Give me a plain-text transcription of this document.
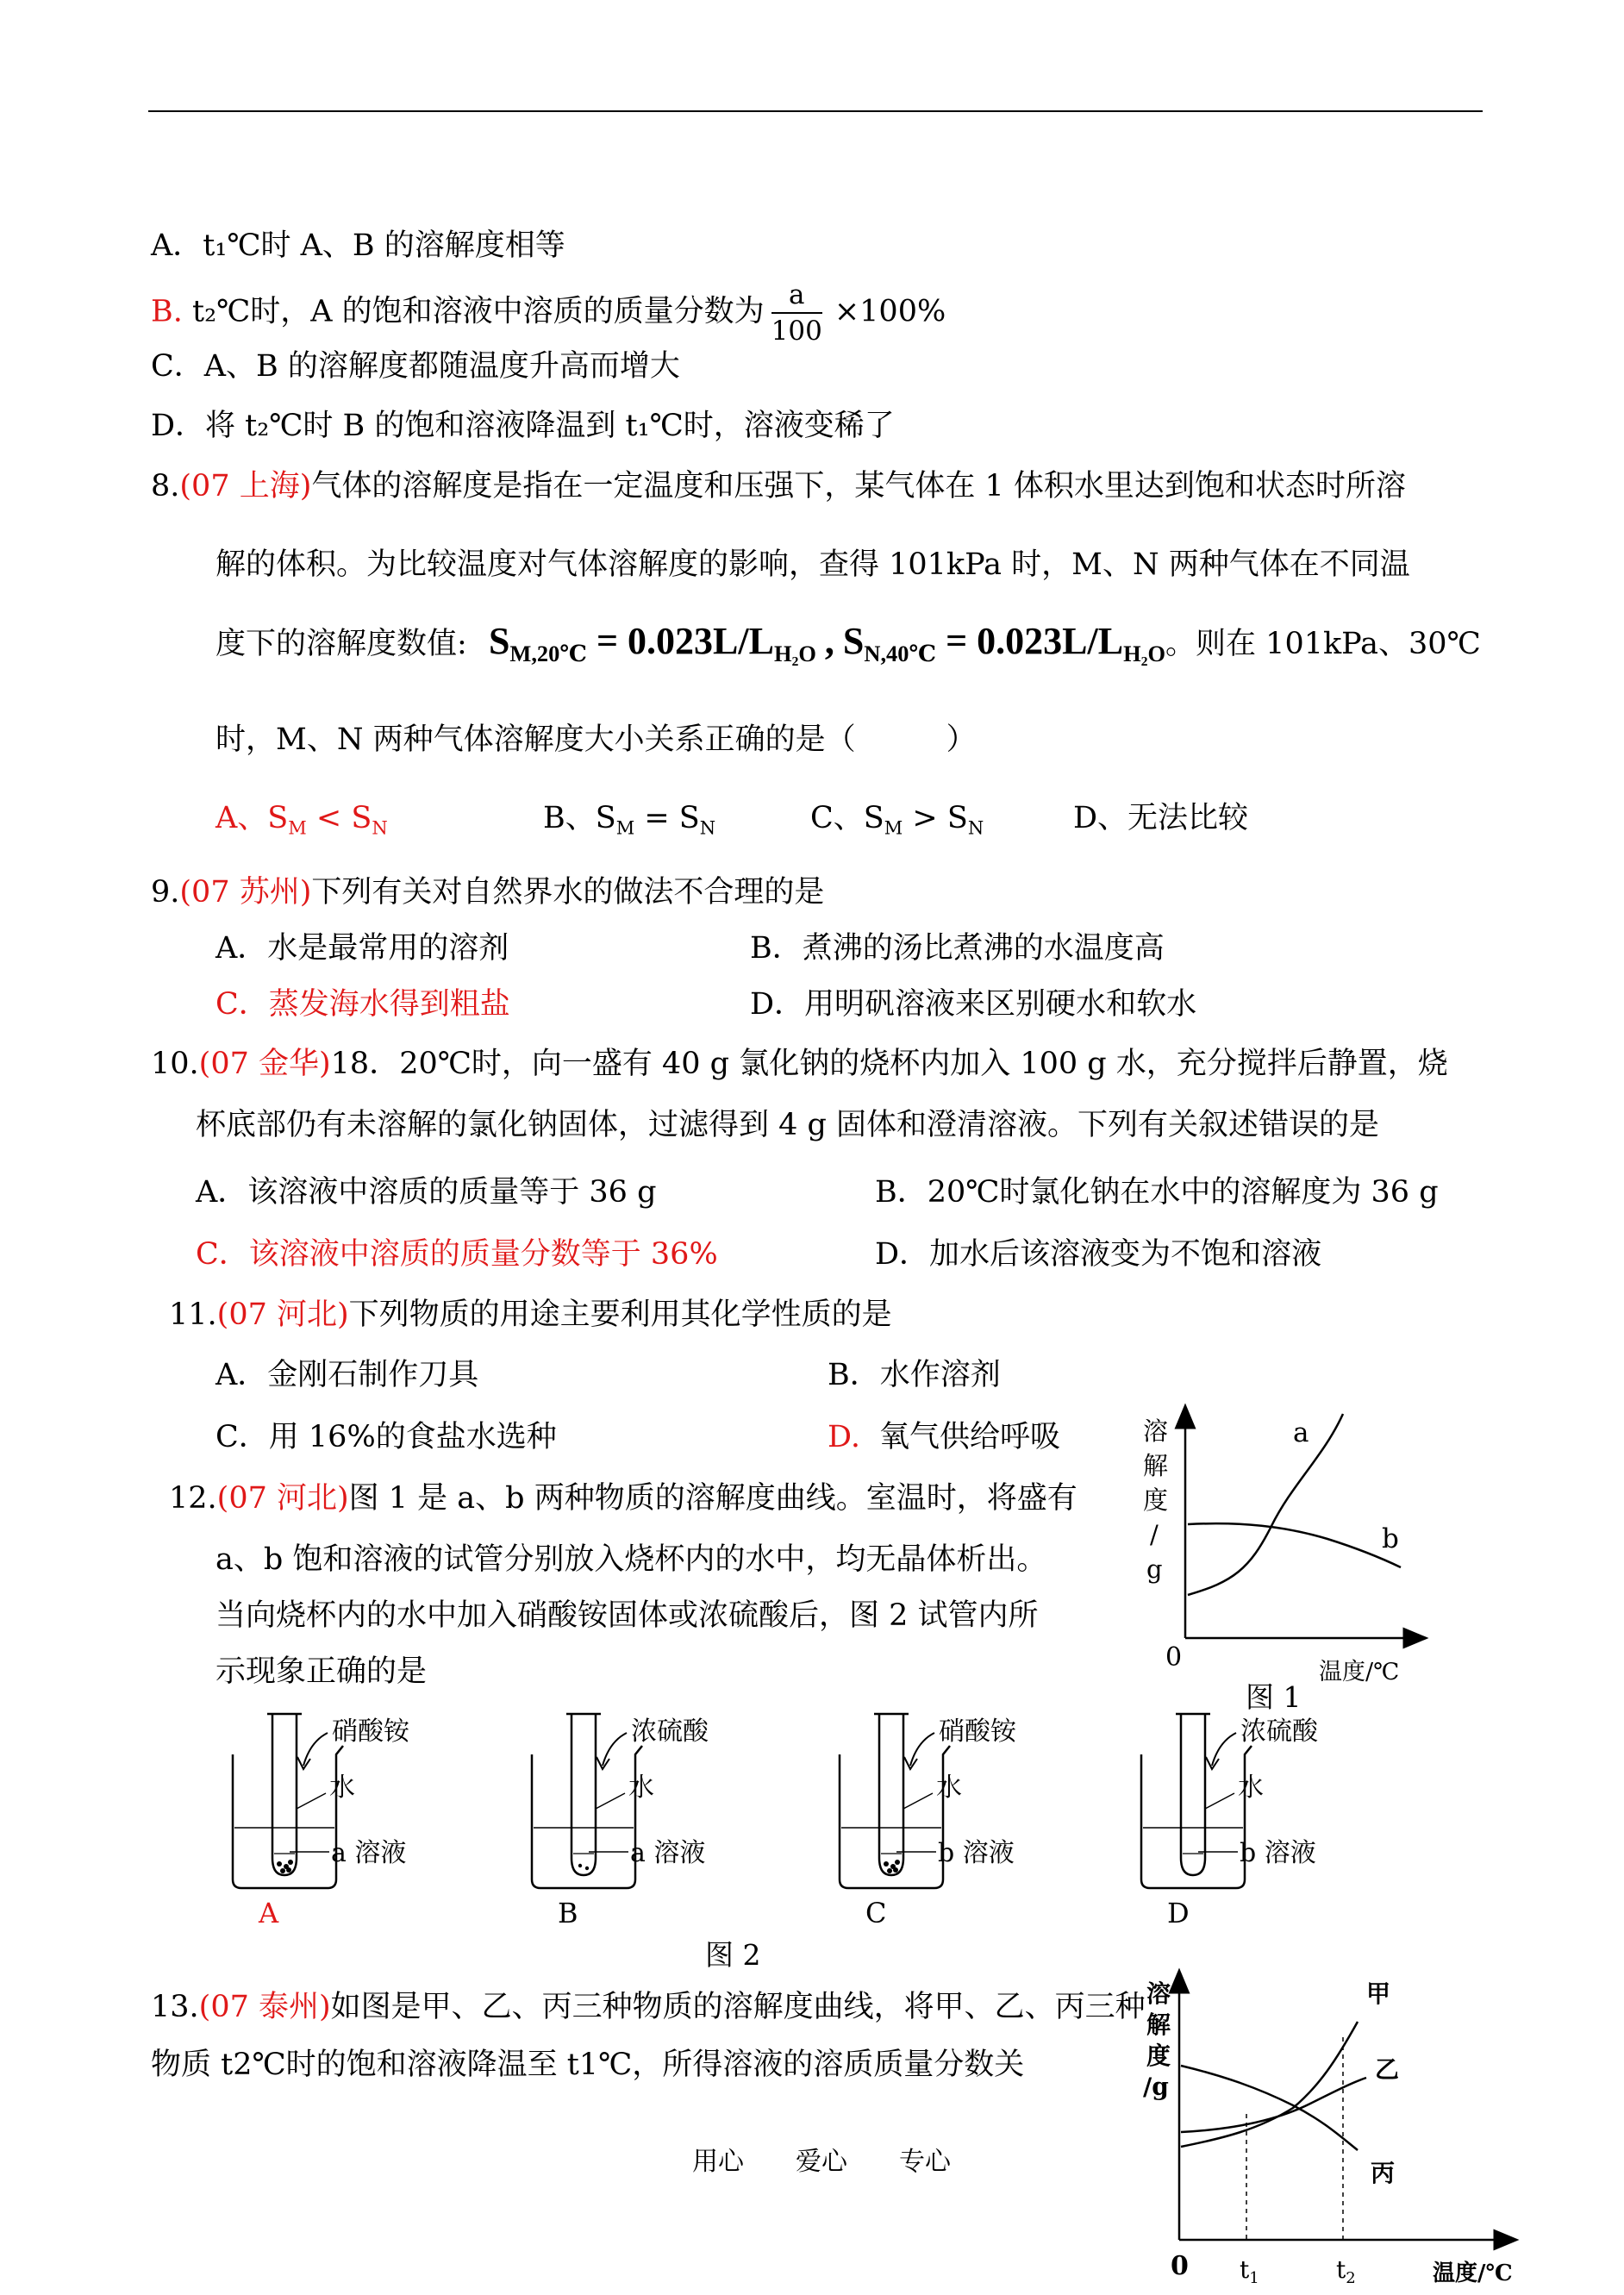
A．t₁℃时 A、B 的溶解度相等
B. t₂℃时，A 的饱和溶液中溶质的质量分数为 $\frac{a}{100} \times 100\%$
C．A、B 的溶解度都随温度升高而增大
D．将 t₂℃时 B 的饱和溶液降温到 t₁℃时，溶液变稀了
8.(07 上海)气体的溶解度是指在一定温度和压强下，某气体在 1 体积水里达到饱和状态时所溶
解的体积。为比较温度对气体溶解度的影响，查得 101kPa 时，M、N 两种气体在不同温
度下的溶解度数值: $S_{M,20℃} = 0.023L/L_{H_2O}$ , $S_{N,40℃} = 0.023L/L_{H_2O}$。则在 101kPa、30℃
时，M、N 两种气体溶解度大小关系正确的是（　　　）
A、$S_M < S_N$	B、$S_M = S_N$	C、$S_M > S_N$	D、无法比较
9.(07 苏州)下列有关对自然界水的做法不合理的是
A．水是最常用的溶剂	B．煮沸的汤比煮沸的水温度高
C．蒸发海水得到粗盐	D．用明矾溶液来区别硬水和软水
10.(07 金华)18．20℃时，向一盛有 40 g 氯化钠的烧杯内加入 100 g 水，充分搅拌后静置，烧
杯底部仍有未溶解的氯化钠固体，过滤得到 4 g 固体和澄清溶液。下列有关叙述错误的是
A．该溶液中溶质的质量等于 36 g	B．20℃时氯化钠在水中的溶解度为 36 g
C．该溶液中溶质的质量分数等于 36%	D．加水后该溶液变为不饱和溶液
11.(07 河北)下列物质的用途主要利用其化学性质的是
A．金刚石制作刀具	B．水作溶剂
C．用 16%的食盐水选种	D. 氧气供给呼吸
12.(07 河北)图 1 是 a、b 两种物质的溶解度曲线。室温时，将盛有
a、b 饱和溶液的试管分别放入烧杯内的水中，均无晶体析出。
当向烧杯内的水中加入硝酸铵固体或浓硫酸后，图 2 试管内所
示现象正确的是
溶
解
度
/
g
a
b
0	温度/℃
图 1
硝酸铵
水
a 溶液
A
浓硫酸
水
a 溶液
B
硝酸铵
水
b 溶液
C
浓硫酸
水
b 溶液
D
图 2
13.(07 泰州)如图是甲、乙、丙三种物质的溶解度曲线，将甲、乙、丙三种
物质 t2℃时的饱和溶液降温至 t1℃，所得溶液的溶质质量分数关
溶
解
度
/g
甲
乙
丙
0 $t_1$	$t_2$	温度/℃
用心　　爱心　　专心
